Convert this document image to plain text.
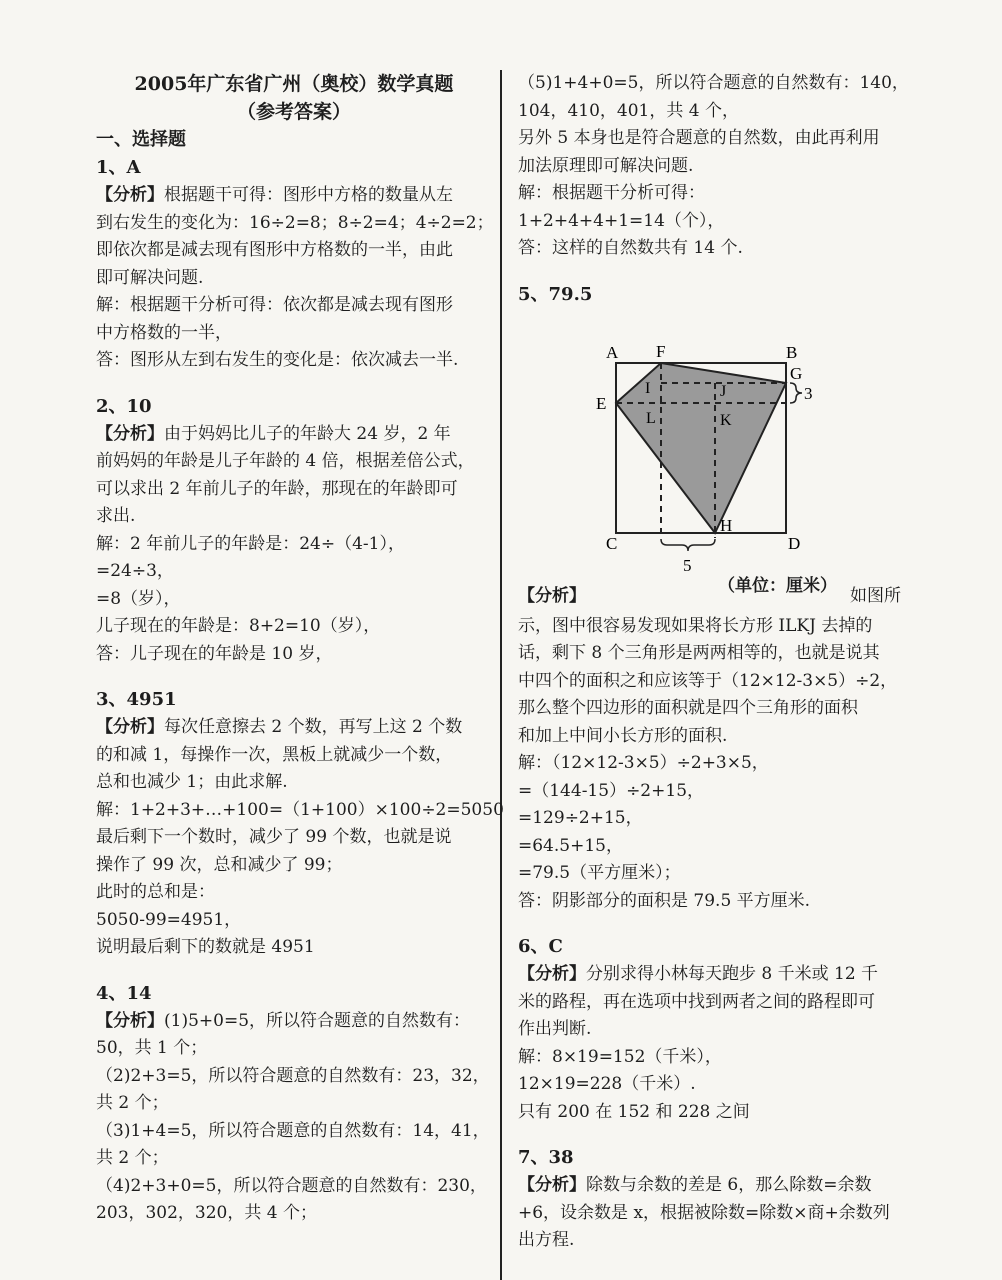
2005年广东省广州（奥校）数学真题
（参考答案）
一、选择题
1、A
【分析】根据题干可得：图形中方格的数量从左
到右发生的变化为：16÷2=8；8÷2=4；4÷2=2；
即依次都是减去现有图形中方格数的一半，由此
即可解决问题.
解：根据题干分析可得：依次都是减去现有图形
中方格数的一半，
答：图形从左到右发生的变化是：依次减去一半.
2、10
【分析】由于妈妈比儿子的年龄大 24 岁，2 年
前妈妈的年龄是儿子年龄的 4 倍，根据差倍公式，
可以求出 2 年前儿子的年龄，那现在的年龄即可
求出.
解：2 年前儿子的年龄是：24÷（4-1），
=24÷3，
=8（岁），
儿子现在的年龄是：8+2=10（岁），
答：儿子现在的年龄是 10 岁，
3、4951
【分析】每次任意擦去 2 个数，再写上这 2 个数
的和减 1，每操作一次，黑板上就减少一个数，
总和也减少 1；由此求解.
解：1+2+3+…+100=（1+100）×100÷2=5050
最后剩下一个数时，减少了 99 个数，也就是说
操作了 99 次，总和减少了 99；
此时的总和是：
5050-99=4951，
说明最后剩下的数就是 4951
4、14
【分析】(1)5+0=5，所以符合题意的自然数有：
50，共 1 个；
（2)2+3=5，所以符合题意的自然数有：23，32，
共 2 个；
（3)1+4=5，所以符合题意的自然数有：14，41，
共 2 个；
（4)2+3+0=5，所以符合题意的自然数有：230，
203，302，320，共 4 个；
（5)1+4+0=5，所以符合题意的自然数有：140，
104，410，401，共 4 个，
另外 5 本身也是符合题意的自然数，由此再利用
加法原理即可解决问题.
解：根据题干分析可得：
1+2+4+4+1=14（个），
答：这样的自然数共有 14 个.
5、79.5
A F	B
G
E
I	J
L	K
C
H
D
3
5
【分析】	（单位：厘米） 如图所
示，图中很容易发现如果将长方形 ILKJ 去掉的
话，剩下 8 个三角形是两两相等的，也就是说其
中四个的面积之和应该等于（12×12-3×5）÷2，
那么整个四边形的面积就是四个三角形的面积
和加上中间小长方形的面积.
解：（12×12-3×5）÷2+3×5，
=（144-15）÷2+15，
=129÷2+15，
=64.5+15，
=79.5（平方厘米）；
答：阴影部分的面积是 79.5 平方厘米.
6、C
【分析】分别求得小林每天跑步 8 千米或 12 千
米的路程，再在选项中找到两者之间的路程即可
作出判断.
解：8×19=152（千米），
12×19=228（千米）.
只有 200 在 152 和 228 之间
7、38
【分析】除数与余数的差是 6，那么除数=余数
+6，设余数是 x，根据被除数=除数×商+余数列
出方程.
